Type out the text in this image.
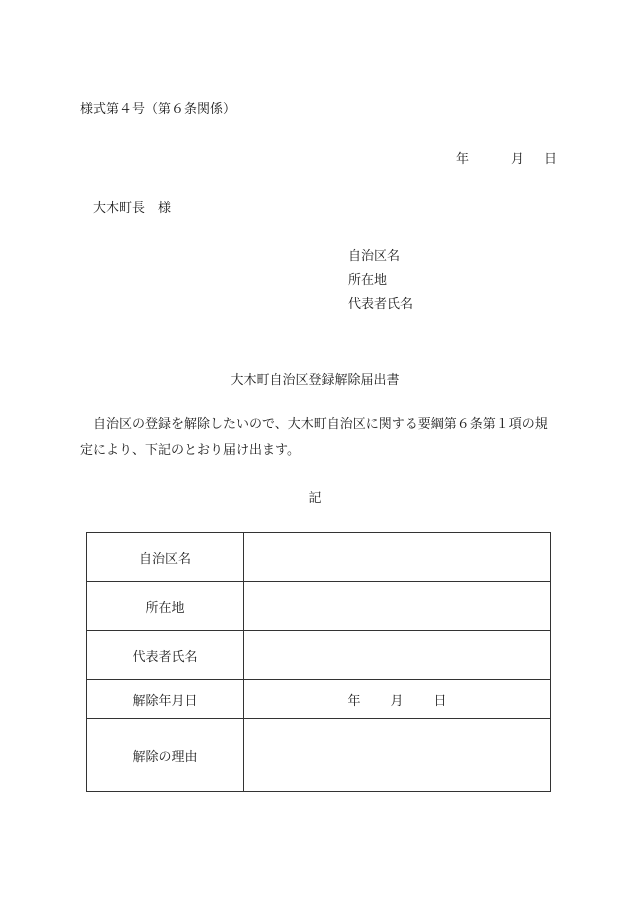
様式第４号（第６条関係）
年	月 日
大木町長　様
自治区名
所在地
代表者氏名
大木町自治区登録解除届出書
自治区の登録を解除したいので、大木町自治区に関する要綱第６条第１項の規定により、下記のとおり届け出ます。
記
自治区名	
所在地	
代表者氏名	
解除年月日	年 月 日
解除の理由	
